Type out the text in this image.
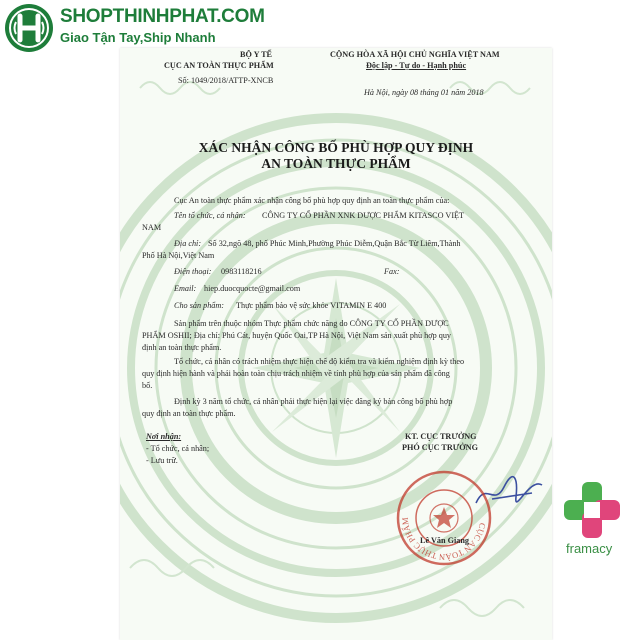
SHOPTHINHPHAT.COM
Giao Tận Tay,Ship Nhanh
BỘ Y TẾ
CỤC AN TOÀN THỰC PHẨM
Số: 1049/2018/ATTP-XNCB
CỘNG HÒA XÃ HỘI CHỦ NGHĨA VIỆT NAM
Độc lập - Tự do - Hạnh phúc
Hà Nội, ngày 08 tháng 01 năm 2018
XÁC NHẬN CÔNG BỐ PHÙ HỢP QUY ĐỊNH
AN TOÀN THỰC PHẨM
Cục An toàn thực phẩm xác nhận công bố phù hợp quy định an toàn thực phẩm của:
Tên tổ chức, cá nhân: CÔNG TY CỔ PHẦN XNK DƯỢC PHẨM KITASCO VIỆT
NAM
Địa chỉ: Số 32,ngõ 48, phố Phúc Minh,Phường Phúc Diễm,Quận Bắc Từ Liêm,Thành
Phố Hà Nội,Việt Nam
Điện thoại: 0983118216	Fax:
Email: hiep.duocquocte@gmail.com
Cho sản phẩm: Thực phẩm bảo vệ sức khỏe VITAMIN E 400
Sản phẩm trên thuộc nhóm Thực phẩm chức năng do CÔNG TY CỔ PHẦN DƯỢC
PHẨM OSHII; Địa chỉ: Phú Cát, huyện Quốc Oai,TP Hà Nội, Việt Nam sản xuất phù hợp quy
định an toàn thực phẩm.
Tổ chức, cá nhân có trách nhiệm thực hiện chế độ kiểm tra và kiểm nghiệm định kỳ theo
quy định hiện hành và phải hoàn toàn chịu trách nhiệm về tính phù hợp của sản phẩm đã công
bố.
Định kỳ 3 năm tổ chức, cá nhân phải thực hiện lại việc đăng ký bản công bố phù hợp
quy định an toàn thực phẩm.
Nơi nhận:
- Tổ chức, cá nhân;
- Lưu trữ.
KT. CỤC TRƯỞNG
PHÓ CỤC TRƯỞNG
CỤC AN TOÀN THỰC PHẨM
Lê Văn Giang
framacy
